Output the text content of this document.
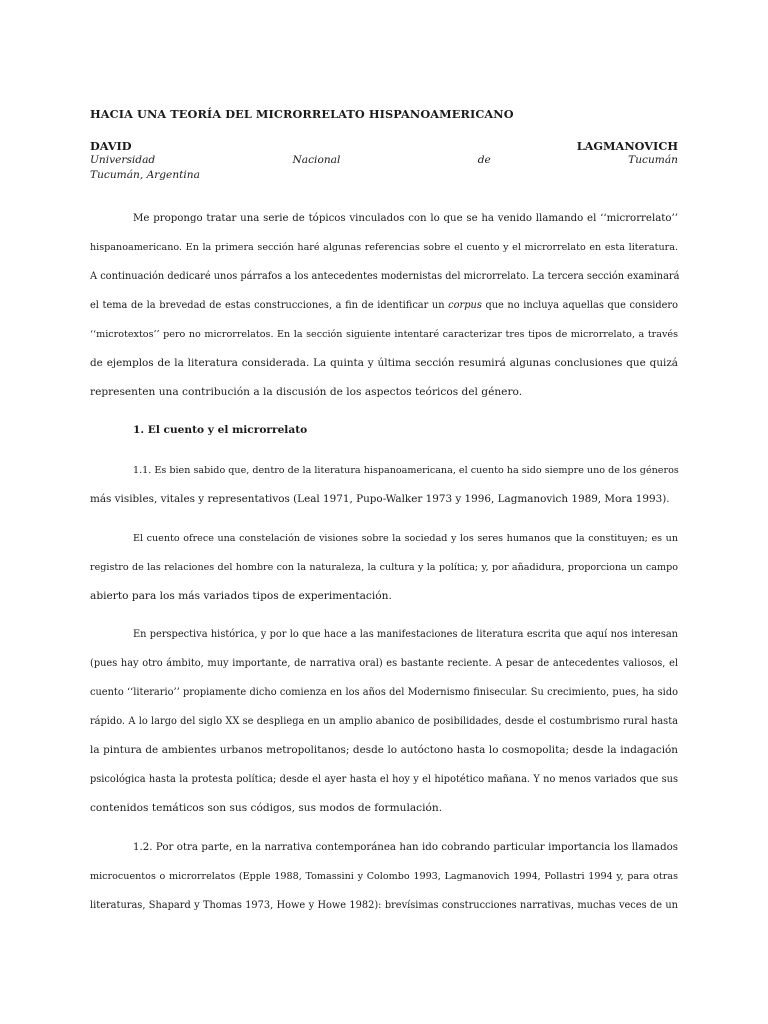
HACIA UNA TEORÍA DEL MICRORRELATO HISPANOAMERICANO
DAVID	LAGMANOVICH
Universidad	Nacional	de	Tucumán
Tucumán, Argentina
Me propongo tratar una serie de tópicos vinculados con lo que se ha venido llamando el ‘‘microrrelato’’
hispanoamericano. En la primera sección haré algunas referencias sobre el cuento y el microrrelato en esta literatura.
A continuación dedicaré unos párrafos a los antecedentes modernistas del microrrelato. La tercera sección examinará
el tema de la brevedad de estas construcciones, a fin de identificar un corpus que no incluya aquellas que considero
‘‘microtextos’’ pero no microrrelatos. En la sección siguiente intentaré caracterizar tres tipos de microrrelato, a través
de ejemplos de la literatura considerada. La quinta y última sección resumirá algunas conclusiones que quizá
representen una contribución a la discusión de los aspectos teóricos del género.
1. El cuento y el microrrelato
1.1. Es bien sabido que, dentro de la literatura hispanoamericana, el cuento ha sido siempre uno de los géneros
más visibles, vitales y representativos (Leal 1971, Pupo-Walker 1973 y 1996, Lagmanovich 1989, Mora 1993).
El cuento ofrece una constelación de visiones sobre la sociedad y los seres humanos que la constituyen; es un
registro de las relaciones del hombre con la naturaleza, la cultura y la política; y, por añadidura, proporciona un campo
abierto para los más variados tipos de experimentación.
En perspectiva histórica, y por lo que hace a las manifestaciones de literatura escrita que aquí nos interesan
(pues hay otro ámbito, muy importante, de narrativa oral) es bastante reciente. A pesar de antecedentes valiosos, el
cuento ‘‘literario’’ propiamente dicho comienza en los años del Modernismo finisecular. Su crecimiento, pues, ha sido
rápido. A lo largo del siglo XX se despliega en un amplio abanico de posibilidades, desde el costumbrismo rural hasta
la pintura de ambientes urbanos metropolitanos; desde lo autóctono hasta lo cosmopolita; desde la indagación
psicológica hasta la protesta política; desde el ayer hasta el hoy y el hipotético mañana. Y no menos variados que sus
contenidos temáticos son sus códigos, sus modos de formulación.
1.2. Por otra parte, en la narrativa contemporánea han ido cobrando particular importancia los llamados
microcuentos o microrrelatos (Epple 1988, Tomassini y Colombo 1993, Lagmanovich 1994, Pollastri 1994 y, para otras
literaturas, Shapard y Thomas 1973, Howe y Howe 1982): brevísimas construcciones narrativas, muchas veces de un
